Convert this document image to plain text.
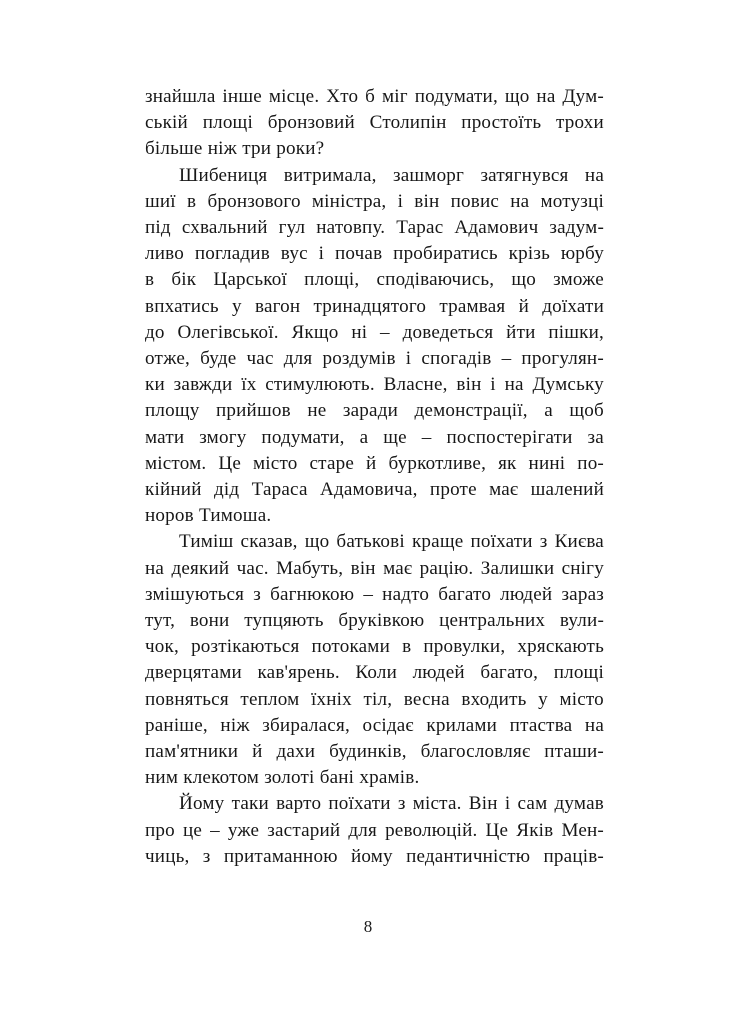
знайшла інше місце. Хто б міг подумати, що на Дум-
ській площі бронзовий Столипін простоїть трохи
більше ніж три роки?

Шибениця витримала, зашморг затягнувся на
шиї в бронзового міністра, і він повис на мотузці
під схвальний гул натовпу. Тарас Адамович задум-
ливо погладив вус і почав пробиратись крізь юрбу
в бік Царської площі, сподіваючись, що зможе
впхатись у вагон тринадцятого трамвая й доїхати
до Олегівської. Якщо ні – доведеться йти пішки,
отже, буде час для роздумів і спогадів – прогулян-
ки завжди їх стимулюють. Власне, він і на Думську
площу прийшов не заради демонстрації, а щоб
мати змогу подумати, а ще – поспостерігати за
містом. Це місто старе й буркотливе, як нині по-
кійний дід Тараса Адамовича, проте має шалений
норов Тимоша.

Тиміш сказав, що батькові краще поїхати з Києва
на деякий час. Мабуть, він має рацію. Залишки снігу
змішуються з багнюкою – надто багато людей зараз
тут, вони тупцяють бруківкою центральних вули-
чок, розтікаються потоками в провулки, хряскають
дверцятами кав'ярень. Коли людей багато, площі
повняться теплом їхніх тіл, весна входить у місто
раніше, ніж збиралася, осідає крилами птаства на
пам'ятники й дахи будинків, благословляє пташи-
ним клекотом золоті бані храмів.

Йому таки варто поїхати з міста. Він і сам думав
про це – уже застарий для революцій. Це Яків Мен-
чиць, з притаманною йому педантичністю праців-

8
